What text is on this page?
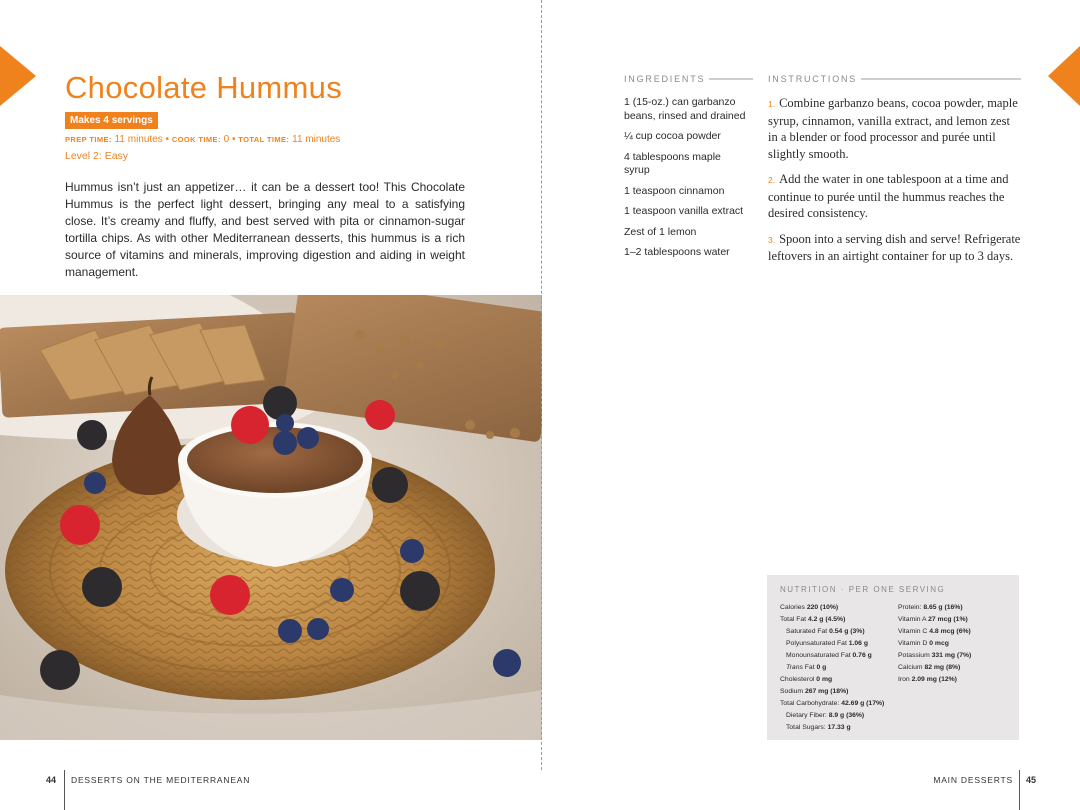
Chocolate Hummus
Makes 4 servings
PREP TIME: 11 minutes • COOK TIME: 0 • TOTAL TIME: 11 minutes
Level 2: Easy

Hummus isn’t just an appetizer… it can be a dessert too! This Chocolate Hummus is the perfect light dessert, bringing any meal to a satisfying close. It’s creamy and fluffy, and best served with pita or cinnamon-sugar tortilla chips. As with other Mediterranean desserts, this hummus is a rich source of vitamins and minerals, improving digestion and aiding in weight management.

44 DESSERTS ON THE MEDITERRANEAN
INGREDIENTS
1 (15-oz.) can garbanzo beans, rinsed and drained
¼ cup cocoa powder
4 tablespoons maple syrup
1 teaspoon cinnamon
1 teaspoon vanilla extract
Zest of 1 lemon
1–2 tablespoons water
INSTRUCTIONS
1. Combine garbanzo beans, cocoa powder, maple syrup, cinnamon, vanilla extract, and lemon zest in a blender or food processor and purée until slightly smooth.
2. Add the water in one tablespoon at a time and continue to purée until the hummus reaches the desired consistency.
3. Spoon into a serving dish and serve! Refrigerate leftovers in an airtight container for up to 3 days.
NUTRITION · PER ONE SERVING
Calories 220 (10%)
Total Fat 4.2 g (4.5%)
Saturated Fat 0.54 g (3%)
Polyunsaturated Fat 1.06 g
Monounsaturated Fat 0.76 g
Trans Fat 0 g
Cholesterol 0 mg
Sodium 267 mg (18%)
Total Carbohydrate: 42.69 g (17%)
Dietary Fiber: 8.9 g (36%)
Total Sugars: 17.33 g
Protein: 8.65 g (16%)
Vitamin A 27 mcg (1%)
Vitamin C 4.8 mcg (6%)
Vitamin D 0 mcg
Potassium 331 mg (7%)
Calcium 82 mg (8%)
Iron 2.09 mg (12%)
MAIN DESSERTS 45
